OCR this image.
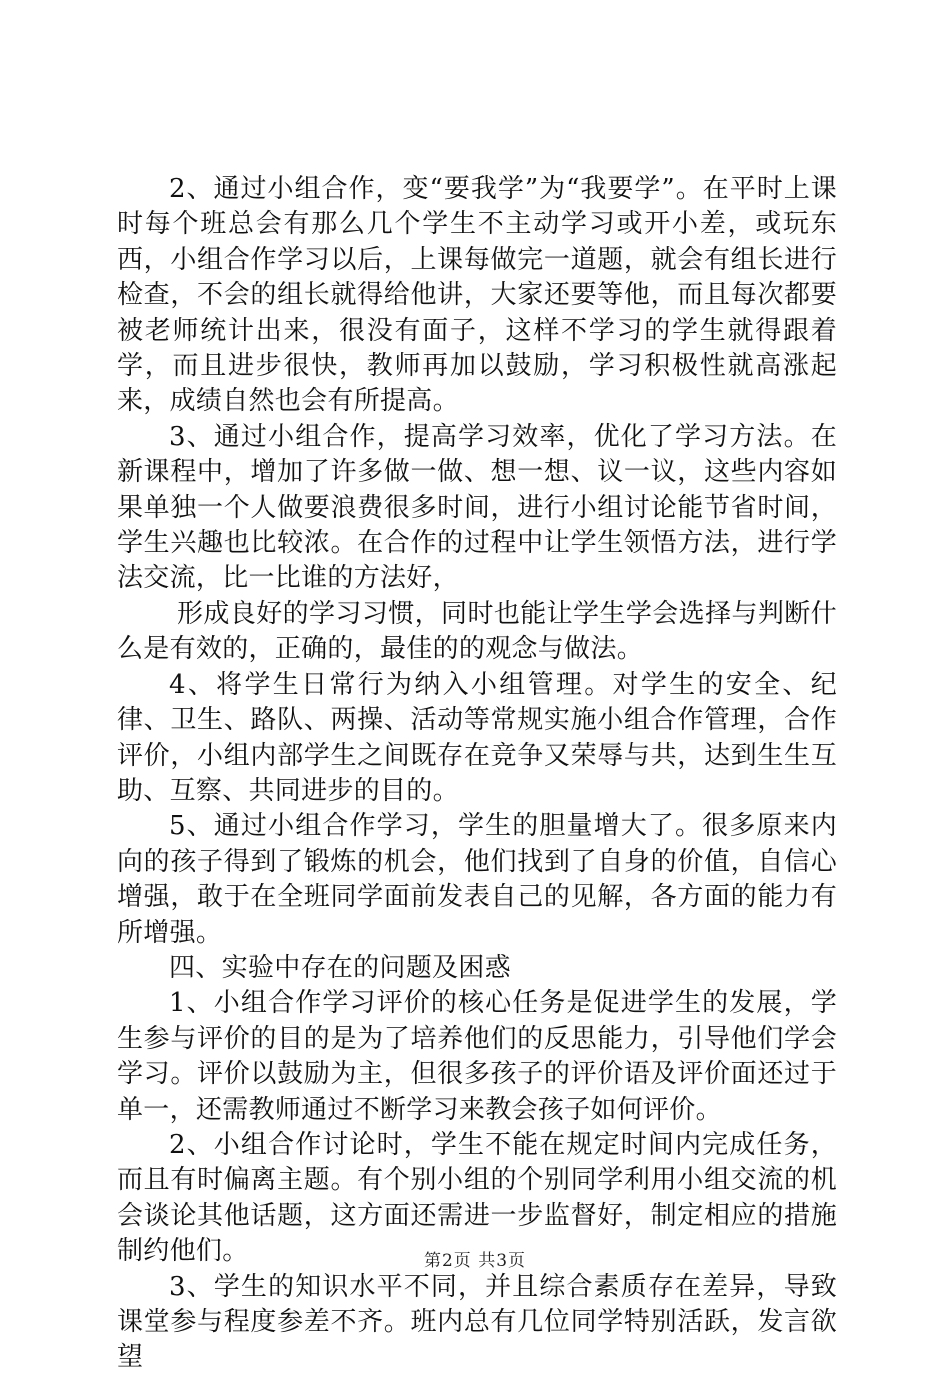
2、通过小组合作，变“要我学”为“我要学”。在平时上课时每个班总会有那么几个学生不主动学习或开小差，或玩东西，小组合作学习以后，上课每做完一道题，就会有组长进行检查，不会的组长就得给他讲，大家还要等他，而且每次都要被老师统计出来，很没有面子，这样不学习的学生就得跟着学，而且进步很快，教师再加以鼓励，学习积极性就高涨起来，成绩自然也会有所提高。

3、通过小组合作，提高学习效率，优化了学习方法。在新课程中，增加了许多做一做、想一想、议一议，这些内容如果单独一个人做要浪费很多时间，进行小组讨论能节省时间，学生兴趣也比较浓。在合作的过程中让学生领悟方法，进行学法交流，比一比谁的方法好，

形成良好的学习习惯，同时也能让学生学会选择与判断什么是有效的，正确的，最佳的的观念与做法。

4、将学生日常行为纳入小组管理。对学生的安全、纪律、卫生、路队、两操、活动等常规实施小组合作管理，合作评价，小组内部学生之间既存在竞争又荣辱与共，达到生生互助、互察、共同进步的目的。

5、通过小组合作学习，学生的胆量增大了。很多原来内向的孩子得到了锻炼的机会，他们找到了自身的价值，自信心增强，敢于在全班同学面前发表自己的见解，各方面的能力有所增强。

四、实验中存在的问题及困惑

1、小组合作学习评价的核心任务是促进学生的发展，学生参与评价的目的是为了培养他们的反思能力，引导他们学会学习。评价以鼓励为主，但很多孩子的评价语及评价面还过于单一，还需教师通过不断学习来教会孩子如何评价。

2、小组合作讨论时，学生不能在规定时间内完成任务，而且有时偏离主题。有个别小组的个别同学利用小组交流的机会谈论其他话题，这方面还需进一步监督好，制定相应的措施制约他们。

3、学生的知识水平不同，并且综合素质存在差异，导致课堂参与程度参差不齐。班内总有几位同学特别活跃，发言欲望

第2页 共3页
